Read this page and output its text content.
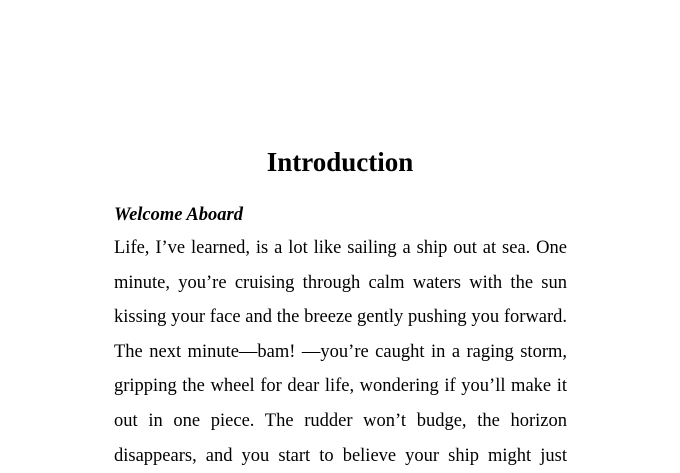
Introduction
Welcome Aboard
Life, I’ve learned, is a lot like sailing a ship out at sea. One
minute, you’re cruising through calm waters with the sun
kissing your face and the breeze gently pushing you forward.
The next minute—bam! —you’re caught in a raging storm,
gripping the wheel for dear life, wondering if you’ll make it
out in one piece. The rudder won’t budge, the horizon
disappears, and you start to believe your ship might just
